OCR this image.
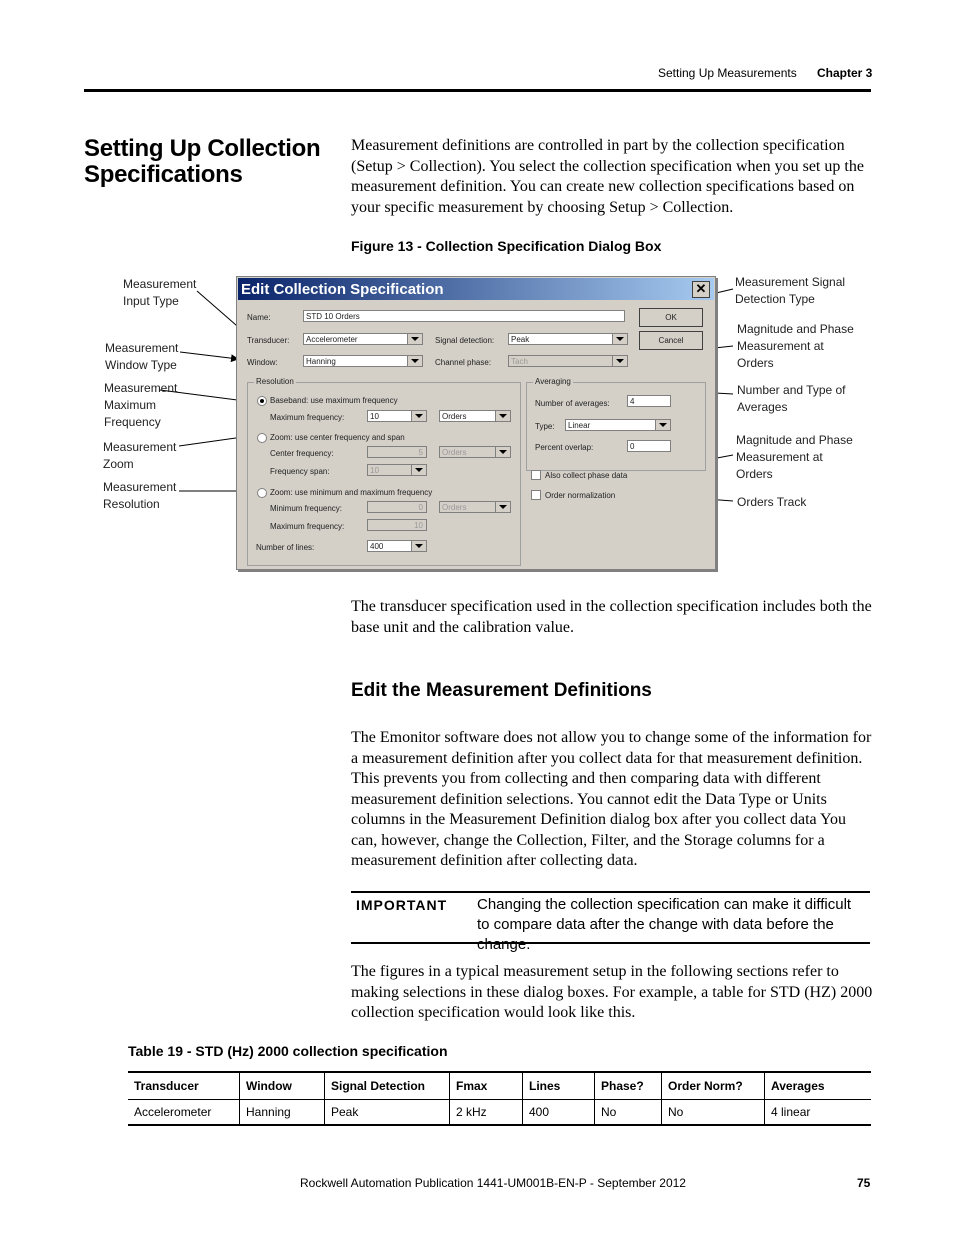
Setting Up Measurements Chapter 3
Setting Up Collection Specifications
Measurement definitions are controlled in part by the collection specification (Setup > Collection). You select the collection specification when you set up the measurement definition. You can create new collection specifications based on your specific measurement by choosing Setup > Collection.
Figure 13 - Collection Specification Dialog Box
Measurement Input Type
Measurement Window Type
Measurement Maximum Frequency
Measurement Zoom
Measurement Resolution
Measurement Signal Detection Type
Magnitude and Phase Measurement at Orders
Number and Type of Averages
Magnitude and Phase Measurement at Orders
Orders Track
Edit Collection Specification	✕
Name:	STD 10 Orders	OK
Cancel
Transducer:	Accelerometer	Signal detection:	Peak
Window:	Hanning	Channel phase:	Tach
Resolution
Baseband: use maximum frequency
Maximum frequency:	10	Orders
Zoom: use center frequency and span
Center frequency:	5	Orders
Frequency span:	10
Zoom: use minimum and maximum frequency
Minimum frequency:	0	Orders
Maximum frequency:	10
Number of lines:	400
Averaging
Number of averages:	4
Type:	Linear
Percent overlap:	0
Also collect phase data
Order normalization
The transducer specification used in the collection specification includes both the base unit and the calibration value.
Edit the Measurement Definitions
The Emonitor software does not allow you to change some of the information for a measurement definition after you collect data for that measurement definition. This prevents you from collecting and then comparing data with different measurement definition selections. You cannot edit the Data Type or Units columns in the Measurement Definition dialog box after you collect data You can, however, change the Collection, Filter, and the Storage columns for a measurement definition after collecting data.
IMPORTANT Changing the collection specification can make it difficult to compare data after the change with data before the change.
The figures in a typical measurement setup in the following sections refer to making selections in these dialog boxes. For example, a table for STD (HZ) 2000 collection specification would look like this.
Table 19 - STD (Hz) 2000 collection specification
Transducer	Window	Signal Detection	Fmax	Lines	Phase?	Order Norm?	Averages
Accelerometer	Hanning	Peak	2 kHz	400	No	No	4 linear
Rockwell Automation Publication 1441-UM001B-EN-P - September 2012	75
